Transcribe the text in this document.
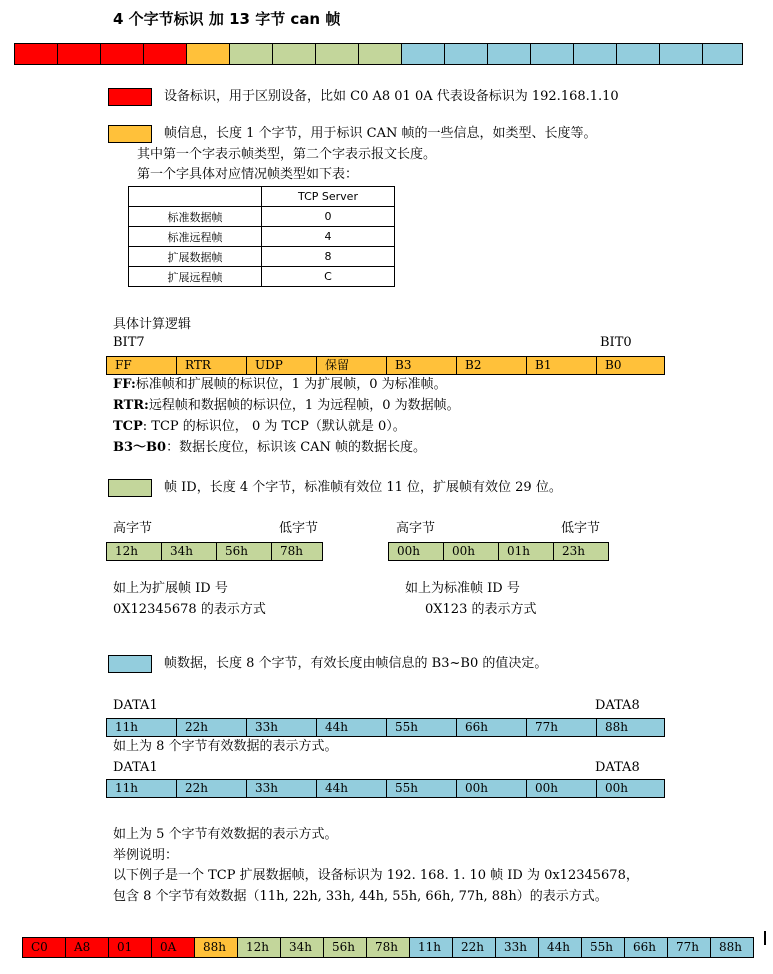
4 个字节标识 加 13 字节 can 帧
设备标识，用于区别设备，比如 C0 A8 01 0A 代表设备标识为 192.168.1.10
帧信息，长度 1 个字节，用于标识 CAN 帧的一些信息，如类型、长度等。
其中第一个字表示帧类型，第二个字表示报文长度。
第一个字具体对应情况帧类型如下表：
	TCP Server
标准数据帧	0
标准远程帧	4
扩展数据帧	8
扩展远程帧	C
具体计算逻辑
BIT7	BIT0
FF	RTR	UDP	保留	B3	B2	B1	B0
FF:标准帧和扩展帧的标识位，1 为扩展帧，0 为标准帧。
RTR:远程帧和数据帧的标识位，1 为远程帧，0 为数据帧。
TCP: TCP 的标识位， 0 为 TCP（默认就是 0）。
B3～B0：数据长度位，标识该 CAN 帧的数据长度。
帧 ID，长度 4 个字节，标准帧有效位 11 位，扩展帧有效位 29 位。
高字节	低字节
12h	34h	56h	78h
高字节	低字节
00h	00h	01h	23h
如上为扩展帧 ID 号
0X12345678 的表示方式
如上为标准帧 ID 号
0X123 的表示方式
帧数据，长度 8 个字节，有效长度由帧信息的 B3~B0 的值决定。
DATA1	DATA8
11h	22h	33h	44h	55h	66h	77h	88h
如上为 8 个字节有效数据的表示方式。
DATA1	DATA8
11h	22h	33h	44h	55h	00h	00h	00h
如上为 5 个字节有效数据的表示方式。
举例说明：
以下例子是一个 TCP 扩展数据帧，设备标识为 192. 168. 1. 10 帧 ID 为 0x12345678，
包含 8 个字节有效数据（11h, 22h, 33h, 44h, 55h, 66h, 77h, 88h）的表示方式。
C0	A8	01	0A	88h	12h	34h	56h	78h	11h	22h	33h	44h	55h	66h	77h	88h
